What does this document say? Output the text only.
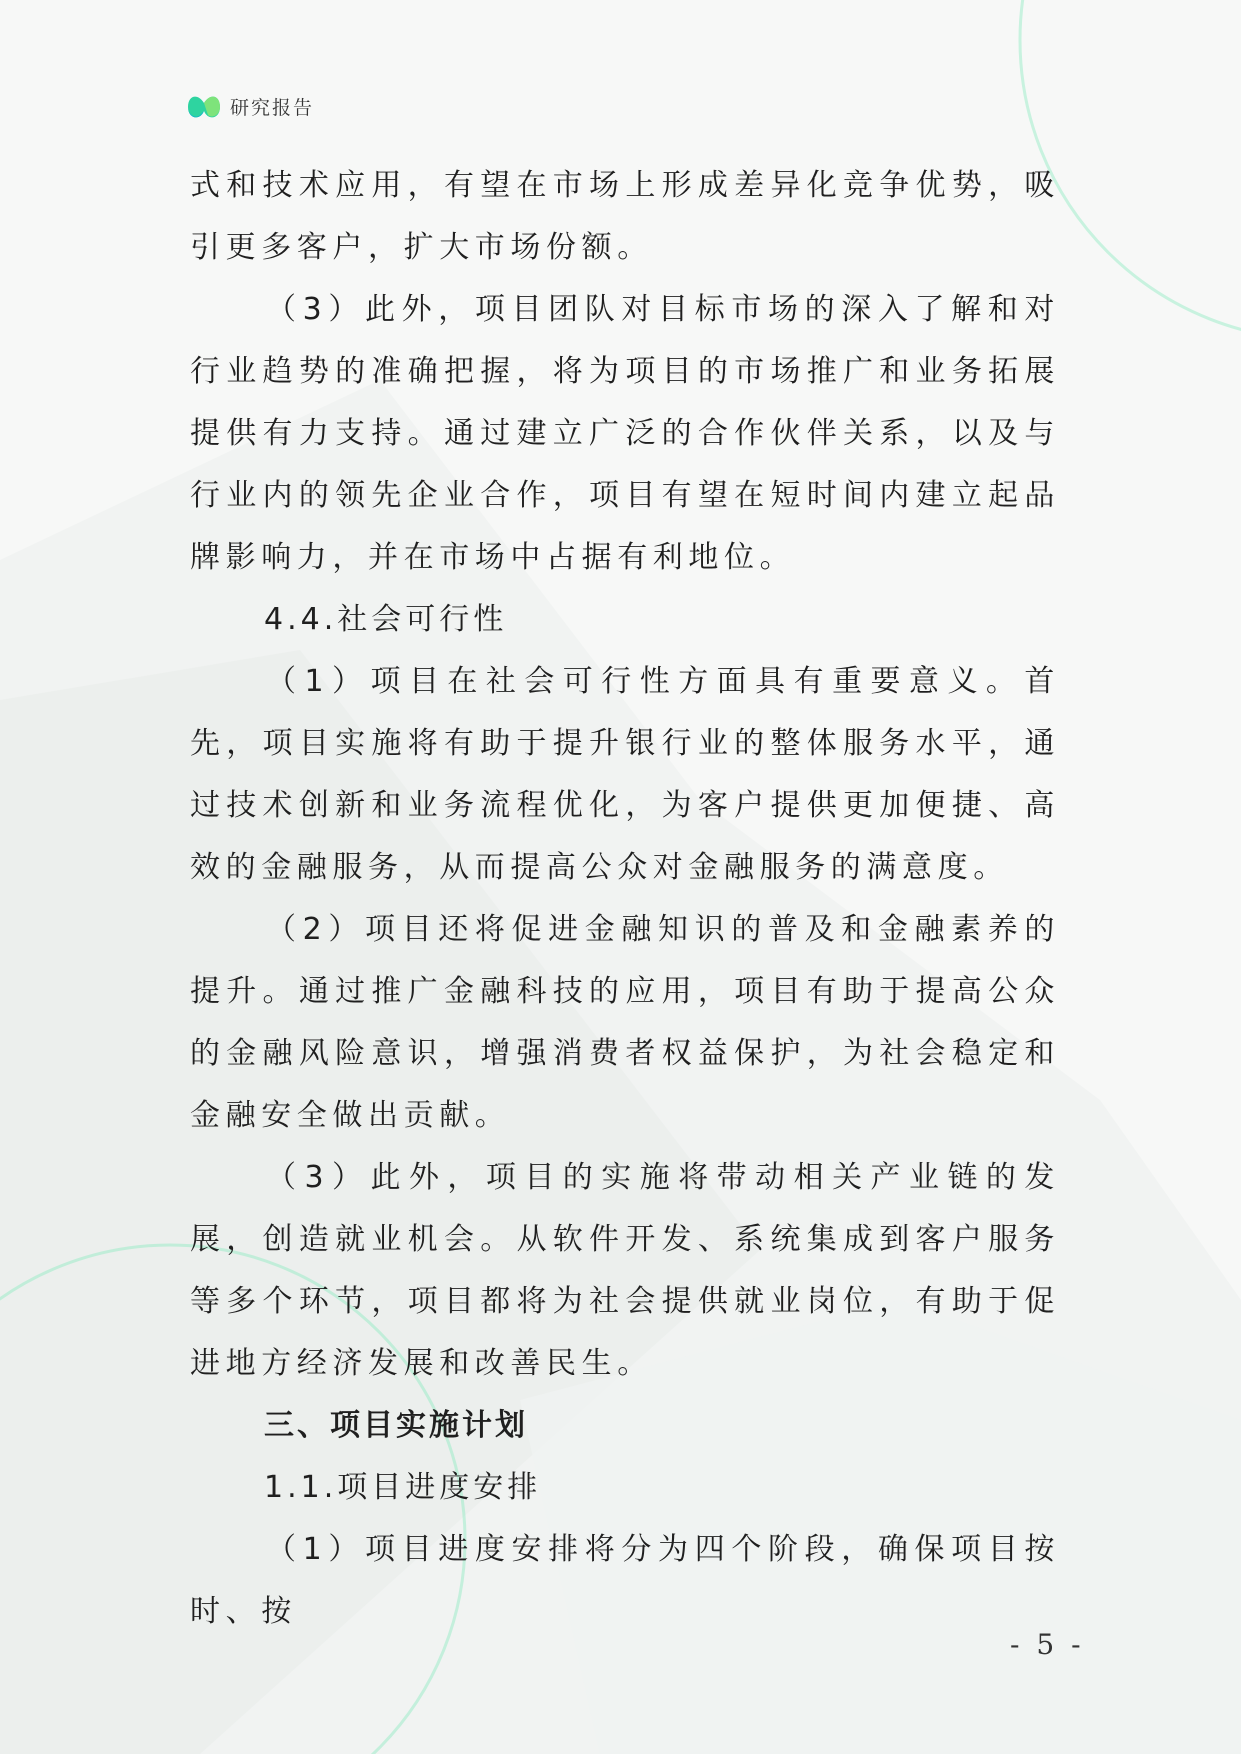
研究报告

式和技术应用，有望在市场上形成差异化竞争优势，吸引更多客户，扩大市场份额。

（3）此外，项目团队对目标市场的深入了解和对行业趋势的准确把握，将为项目的市场推广和业务拓展提供有力支持。通过建立广泛的合作伙伴关系，以及与行业内的领先企业合作，项目有望在短时间内建立起品牌影响力，并在市场中占据有利地位。

4.4.社会可行性

（1）项目在社会可行性方面具有重要意义。首先，项目实施将有助于提升银行业的整体服务水平，通过技术创新和业务流程优化，为客户提供更加便捷、高效的金融服务，从而提高公众对金融服务的满意度。

（2）项目还将促进金融知识的普及和金融素养的提升。通过推广金融科技的应用，项目有助于提高公众的金融风险意识，增强消费者权益保护，为社会稳定和金融安全做出贡献。

（3）此外，项目的实施将带动相关产业链的发展，创造就业机会。从软件开发、系统集成到客户服务等多个环节，项目都将为社会提供就业岗位，有助于促进地方经济发展和改善民生。

三、项目实施计划

1.1.项目进度安排

（1）项目进度安排将分为四个阶段，确保项目按时、按

- 5 -
